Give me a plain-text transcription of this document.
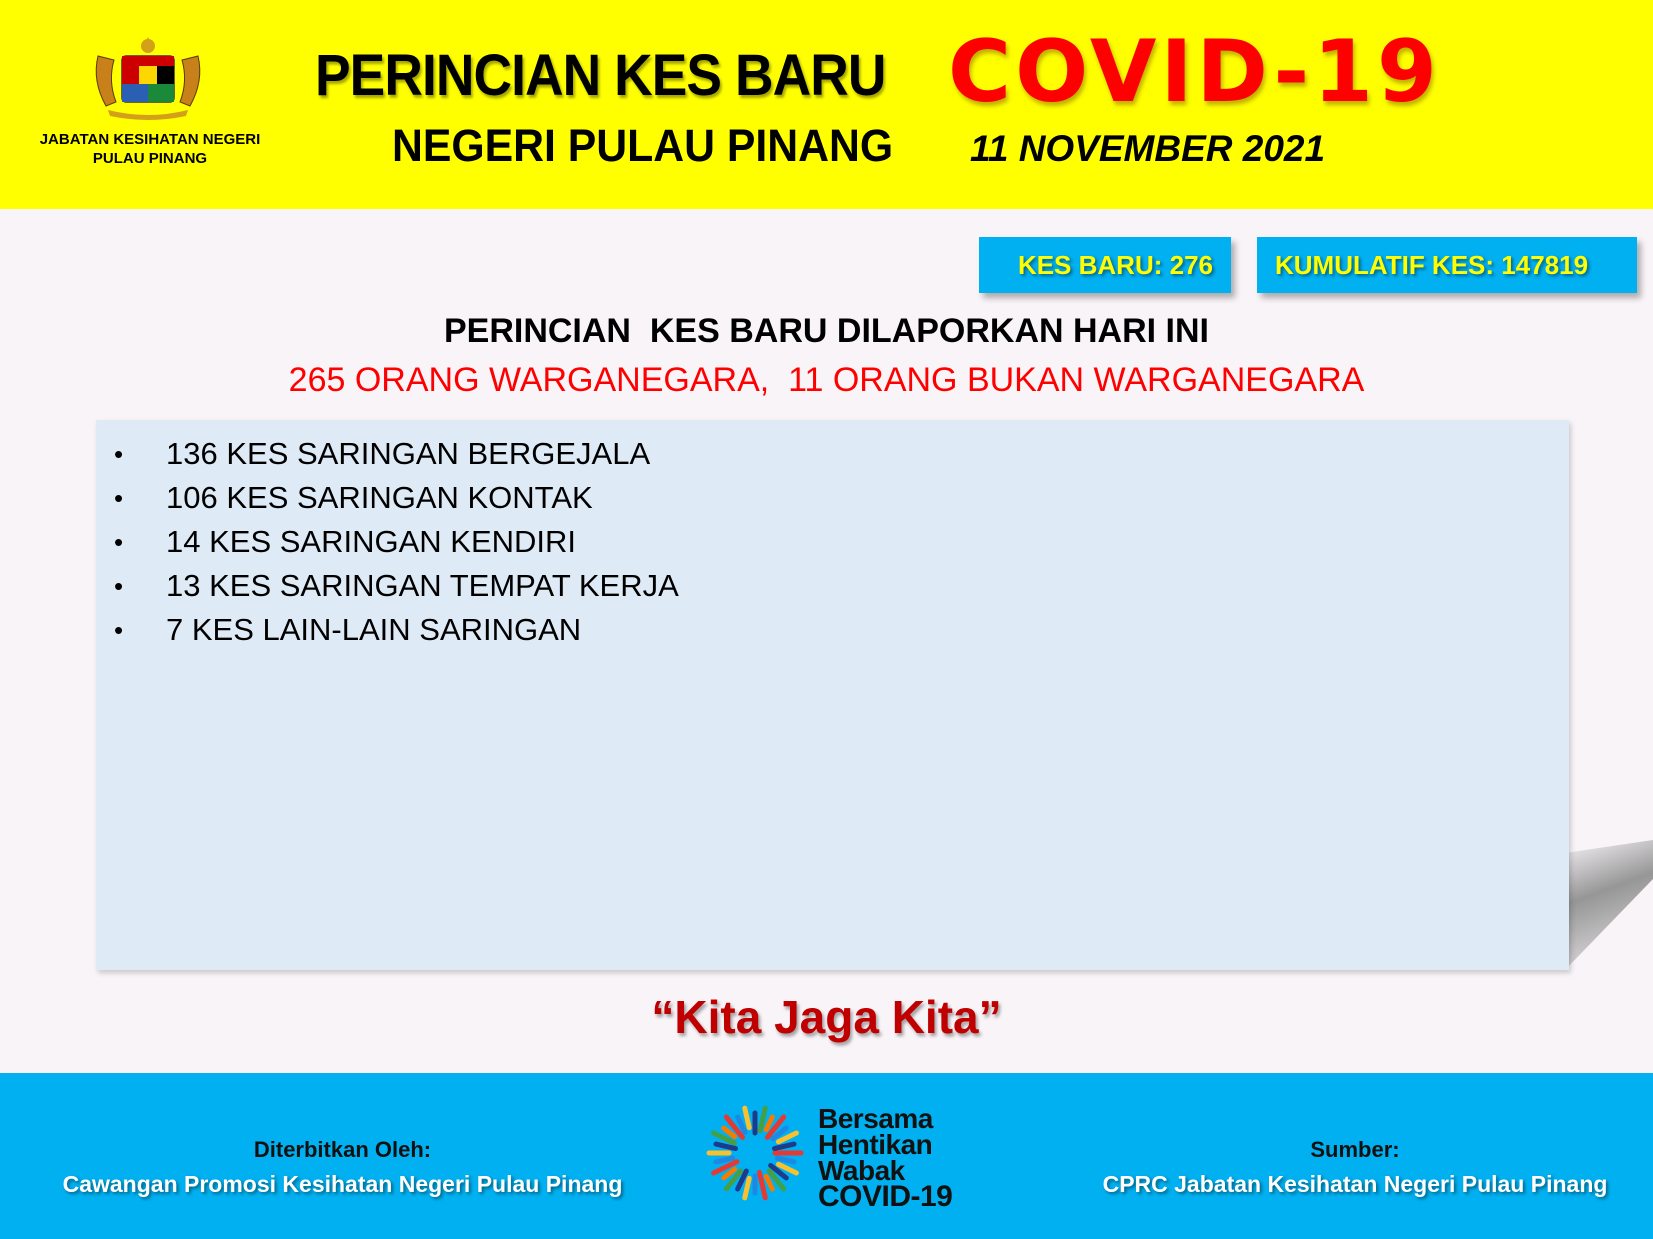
JABATAN KESIHATAN NEGERI PULAU PINANG
PERINCIAN KES BARU COVID-19
NEGERI PULAU PINANG 11 NOVEMBER 2021
KES BARU: 276	KUMULATIF KES: 147819
PERINCIAN  KES BARU DILAPORKAN HARI INI
265 ORANG WARGANEGARA,  11 ORANG BUKAN WARGANEGARA
• 136 KES SARINGAN BERGEJALA
• 106 KES SARINGAN KONTAK
• 14 KES SARINGAN KENDIRI
• 13 KES SARINGAN TEMPAT KERJA
• 7 KES LAIN-LAIN SARINGAN
“Kita Jaga Kita”
Diterbitkan Oleh:
Cawangan Promosi Kesihatan Negeri Pulau Pinang
Bersama
Hentikan
Wabak
COVID-19
Sumber:
CPRC Jabatan Kesihatan Negeri Pulau Pinang
